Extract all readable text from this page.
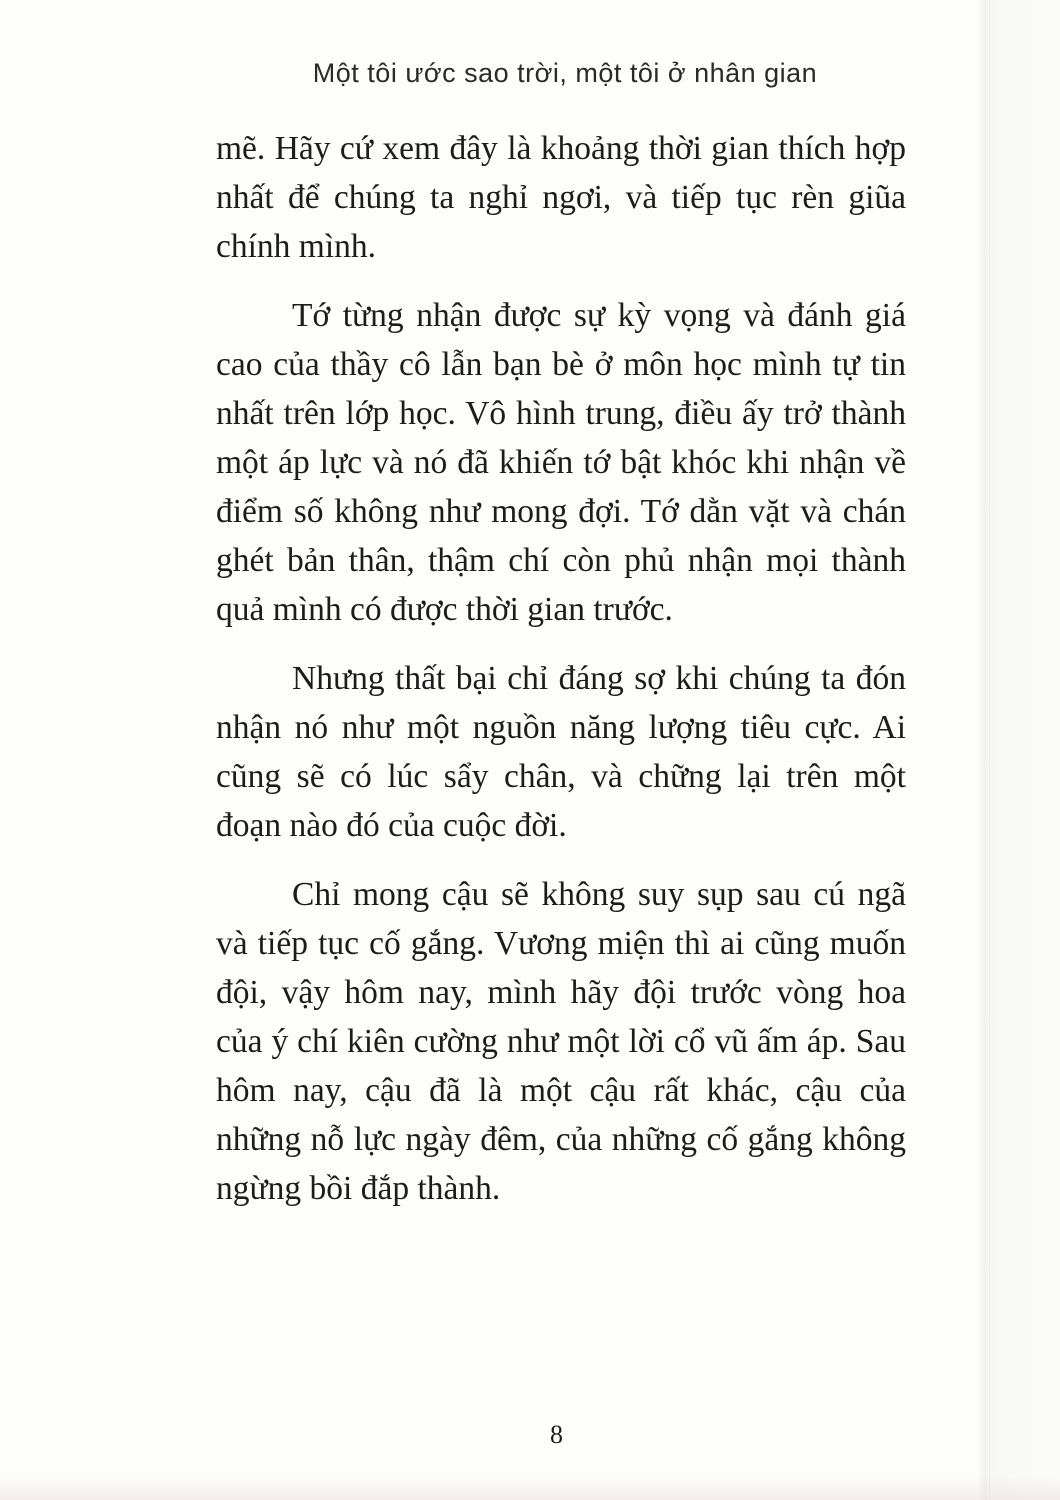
Một tôi ước sao trời, một tôi ở nhân gian

mẽ. Hãy cứ xem đây là khoảng thời gian thích hợp nhất để chúng ta nghỉ ngơi, và tiếp tục rèn giũa chính mình.

Tớ từng nhận được sự kỳ vọng và đánh giá cao của thầy cô lẫn bạn bè ở môn học mình tự tin nhất trên lớp học. Vô hình trung, điều ấy trở thành một áp lực và nó đã khiến tớ bật khóc khi nhận về điểm số không như mong đợi. Tớ dằn vặt và chán ghét bản thân, thậm chí còn phủ nhận mọi thành quả mình có được thời gian trước.

Nhưng thất bại chỉ đáng sợ khi chúng ta đón nhận nó như một nguồn năng lượng tiêu cực. Ai cũng sẽ có lúc sẩy chân, và chững lại trên một đoạn nào đó của cuộc đời.

Chỉ mong cậu sẽ không suy sụp sau cú ngã và tiếp tục cố gắng. Vương miện thì ai cũng muốn đội, vậy hôm nay, mình hãy đội trước vòng hoa của ý chí kiên cường như một lời cổ vũ ấm áp. Sau hôm nay, cậu đã là một cậu rất khác, cậu của những nỗ lực ngày đêm, của những cố gắng không ngừng bồi đắp thành.

8
